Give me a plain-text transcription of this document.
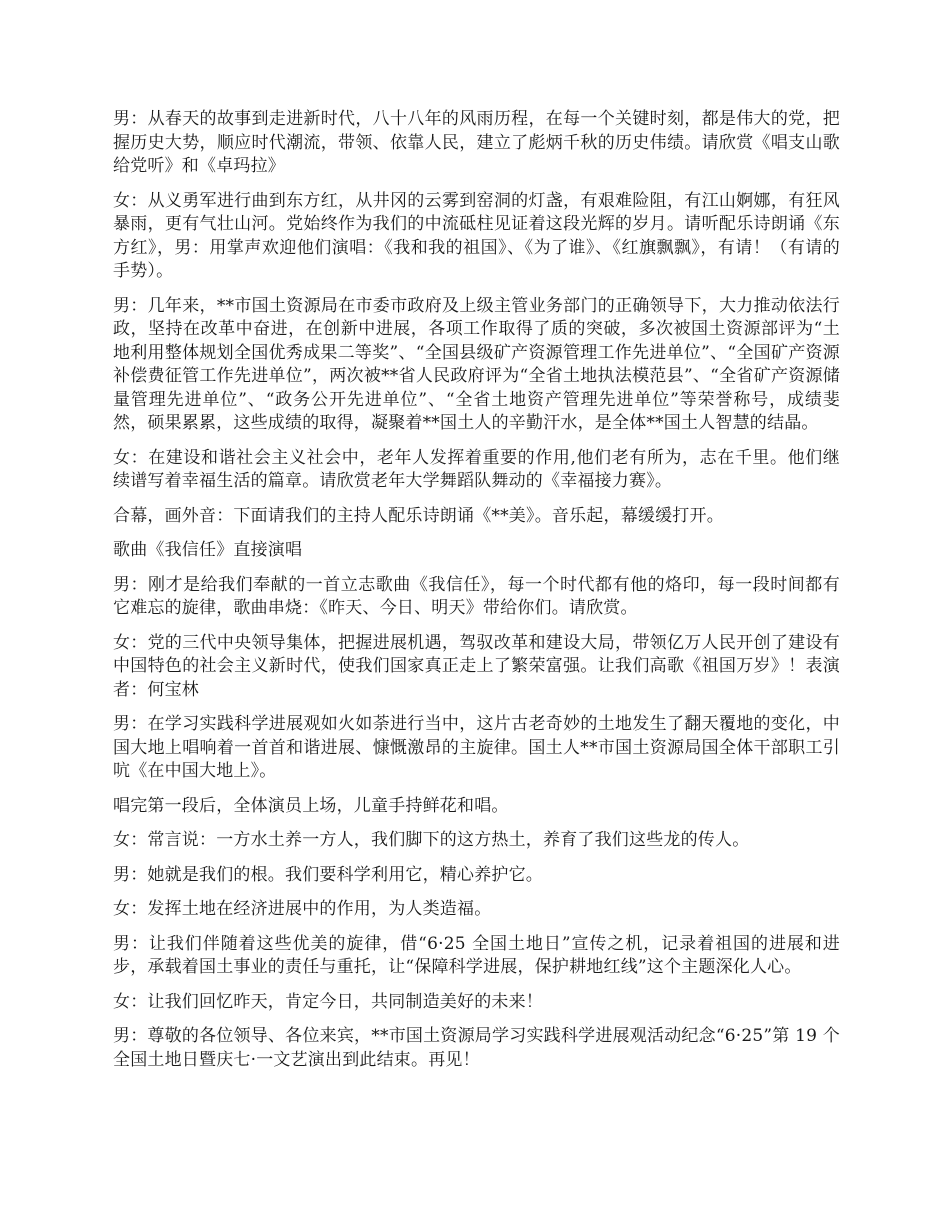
男：从春天的故事到走进新时代，八十八年的风雨历程，在每一个关键时刻，都是伟大的党，把握历史大势，顺应时代潮流，带领、依靠人民，建立了彪炳千秋的历史伟绩。请欣赏《唱支山歌给党听》和《卓玛拉》

女：从义勇军进行曲到东方红，从井冈的云雾到窑洞的灯盏，有艰难险阻，有江山婀娜，有狂风暴雨，更有气壮山河。党始终作为我们的中流砥柱见证着这段光辉的岁月。请听配乐诗朗诵《东方红》，男：用掌声欢迎他们演唱：《我和我的祖国》、《为了谁》、《红旗飘飘》，有请！（有请的手势）。

男：几年来，**市国土资源局在市委市政府及上级主管业务部门的正确领导下，大力推动依法行政，坚持在改革中奋进，在创新中进展，各项工作取得了质的突破，多次被国土资源部评为“土地利用整体规划全国优秀成果二等奖”、“全国县级矿产资源管理工作先进单位”、“全国矿产资源补偿费征管工作先进单位”，两次被**省人民政府评为“全省土地执法模范县”、“全省矿产资源储量管理先进单位”、“政务公开先进单位”、“全省土地资产管理先进单位”等荣誉称号，成绩斐然，硕果累累，这些成绩的取得，凝聚着**国土人的辛勤汗水，是全体**国土人智慧的结晶。

女：在建设和谐社会主义社会中，老年人发挥着重要的作用,他们老有所为，志在千里。他们继续谱写着幸福生活的篇章。请欣赏老年大学舞蹈队舞动的《幸福接力赛》。

合幕，画外音：下面请我们的主持人配乐诗朗诵《**美》。音乐起，幕缓缓打开。

歌曲《我信任》直接演唱

男：刚才是给我们奉献的一首立志歌曲《我信任》，每一个时代都有他的烙印，每一段时间都有它难忘的旋律，歌曲串烧：《昨天、今日、明天》带给你们。请欣赏。

女：党的三代中央领导集体，把握进展机遇，驾驭改革和建设大局，带领亿万人民开创了建设有中国特色的社会主义新时代，使我们国家真正走上了繁荣富强。让我们高歌《祖国万岁》！表演者：何宝林

男：在学习实践科学进展观如火如荼进行当中，这片古老奇妙的土地发生了翻天覆地的变化，中国大地上唱响着一首首和谐进展、慷慨激昂的主旋律。国土人**市国土资源局国全体干部职工引吭《在中国大地上》。

唱完第一段后，全体演员上场，儿童手持鲜花和唱。

女：常言说：一方水土养一方人，我们脚下的这方热土，养育了我们这些龙的传人。

男：她就是我们的根。我们要科学利用它，精心养护它。

女：发挥土地在经济进展中的作用，为人类造福。

男：让我们伴随着这些优美的旋律，借“6·25 全国土地日”宣传之机，记录着祖国的进展和进步，承载着国土事业的责任与重托，让“保障科学进展，保护耕地红线”这个主题深化人心。

女：让我们回忆昨天，肯定今日，共同制造美好的未来！

男：尊敬的各位领导、各位来宾，**市国土资源局学习实践科学进展观活动纪念“6·25”第 19 个全国土地日暨庆七·一文艺演出到此结束。再见！
